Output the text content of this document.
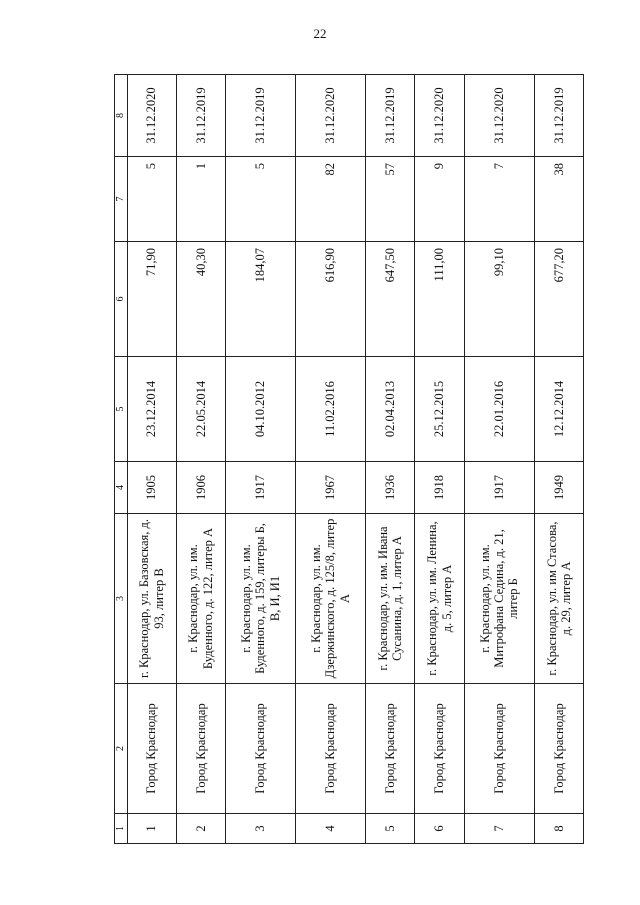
22
1	2	3	4	5	6	7	8
1	Город Краснодар	г. Краснодар, ул. Базовская, д. 93, литер В	1905	23.12.2014	71,90	5	31.12.2020
2	Город Краснодар	г. Краснодар, ул. им. Буденного, д. 122, литер А	1906	22.05.2014	40,30	1	31.12.2019
3	Город Краснодар	г. Краснодар, ул. им. Буденного, д. 159, литеры Б, В, И, И1	1917	04.10.2012	184,07	5	31.12.2019
4	Город Краснодар	г. Краснодар, ул. им. Дзержинского, д. 125/8, литер А	1967	11.02.2016	616,90	82	31.12.2020
5	Город Краснодар	г. Краснодар, ул. им. Ивана Сусанина, д. 1, литер А	1936	02.04.2013	647,50	57	31.12.2019
6	Город Краснодар	г. Краснодар, ул. им. Ленина, д. 5, литер А	1918	25.12.2015	111,00	9	31.12.2020
7	Город Краснодар	г. Краснодар, ул. им. Митрофана Седина, д. 21, литер Б	1917	22.01.2016	99,10	7	31.12.2020
8	Город Краснодар	г. Краснодар, ул. им Стасова, д. 29, литер А	1949	12.12.2014	677,20	38	31.12.2019
